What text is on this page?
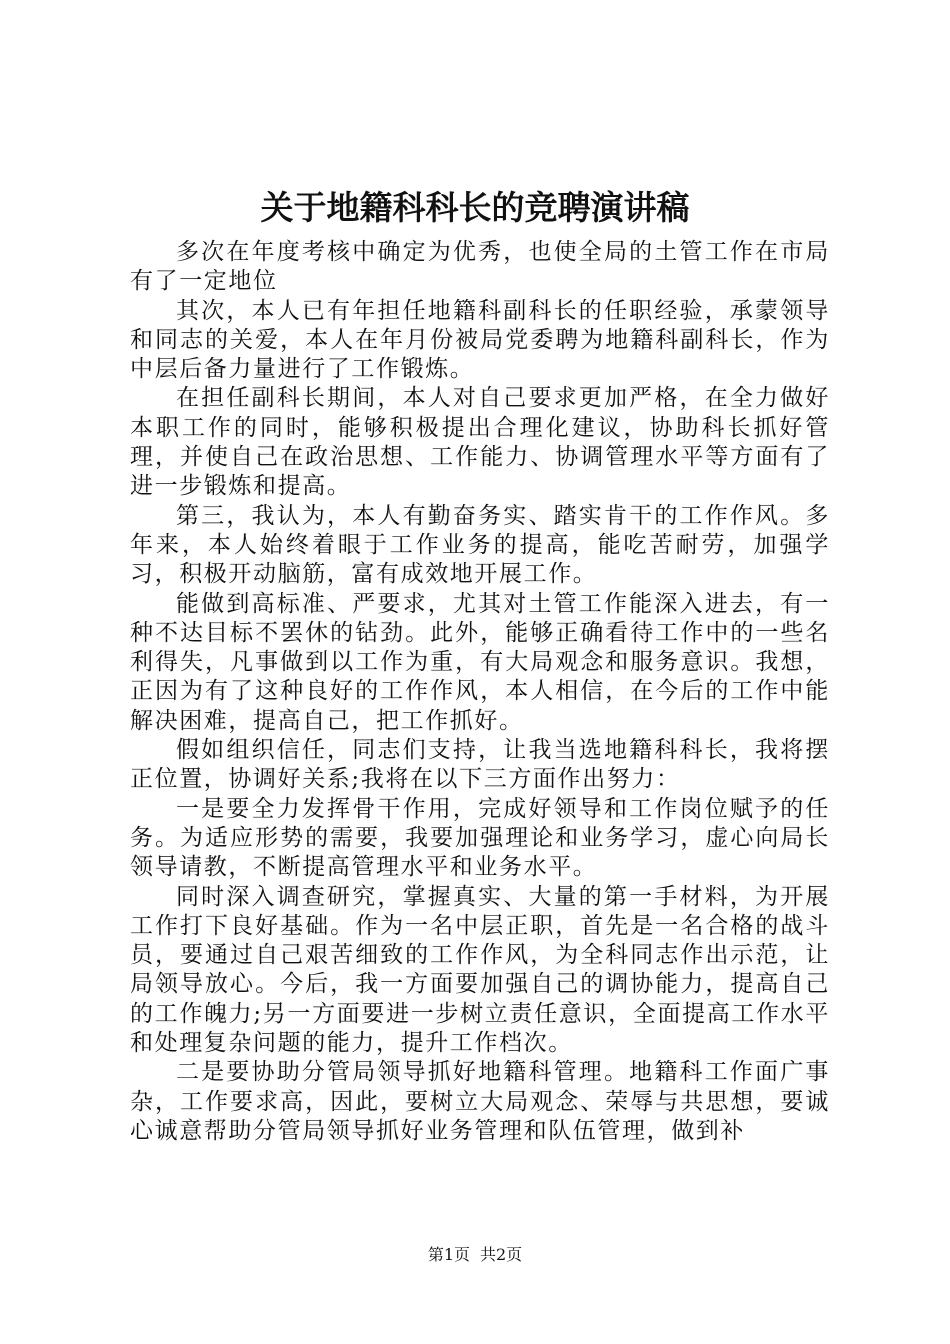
关于地籍科科长的竞聘演讲稿

多次在年度考核中确定为优秀，也使全局的土管工作在市局有了一定地位

其次，本人已有年担任地籍科副科长的任职经验，承蒙领导和同志的关爱，本人在年月份被局党委聘为地籍科副科长，作为中层后备力量进行了工作锻炼。

在担任副科长期间，本人对自己要求更加严格，在全力做好本职工作的同时，能够积极提出合理化建议，协助科长抓好管理，并使自己在政治思想、工作能力、协调管理水平等方面有了进一步锻炼和提高。

第三，我认为，本人有勤奋务实、踏实肯干的工作作风。多年来，本人始终着眼于工作业务的提高，能吃苦耐劳，加强学习，积极开动脑筋，富有成效地开展工作。

能做到高标准、严要求，尤其对土管工作能深入进去，有一种不达目标不罢休的钻劲。此外，能够正确看待工作中的一些名利得失，凡事做到以工作为重，有大局观念和服务意识。我想，正因为有了这种良好的工作作风，本人相信，在今后的工作中能解决困难，提高自己，把工作抓好。

假如组织信任，同志们支持，让我当选地籍科科长，我将摆正位置，协调好关系;我将在以下三方面作出努力：

一是要全力发挥骨干作用，完成好领导和工作岗位赋予的任务。为适应形势的需要，我要加强理论和业务学习，虚心向局长领导请教，不断提高管理水平和业务水平。

同时深入调查研究，掌握真实、大量的第一手材料，为开展工作打下良好基础。作为一名中层正职，首先是一名合格的战斗员，要通过自己艰苦细致的工作作风，为全科同志作出示范，让局领导放心。今后，我一方面要加强自己的调协能力，提高自己的工作魄力;另一方面要进一步树立责任意识，全面提高工作水平和处理复杂问题的能力，提升工作档次。

二是要协助分管局领导抓好地籍科管理。地籍科工作面广事杂，工作要求高，因此，要树立大局观念、荣辱与共思想，要诚心诚意帮助分管局领导抓好业务管理和队伍管理，做到补

第1页 共2页
